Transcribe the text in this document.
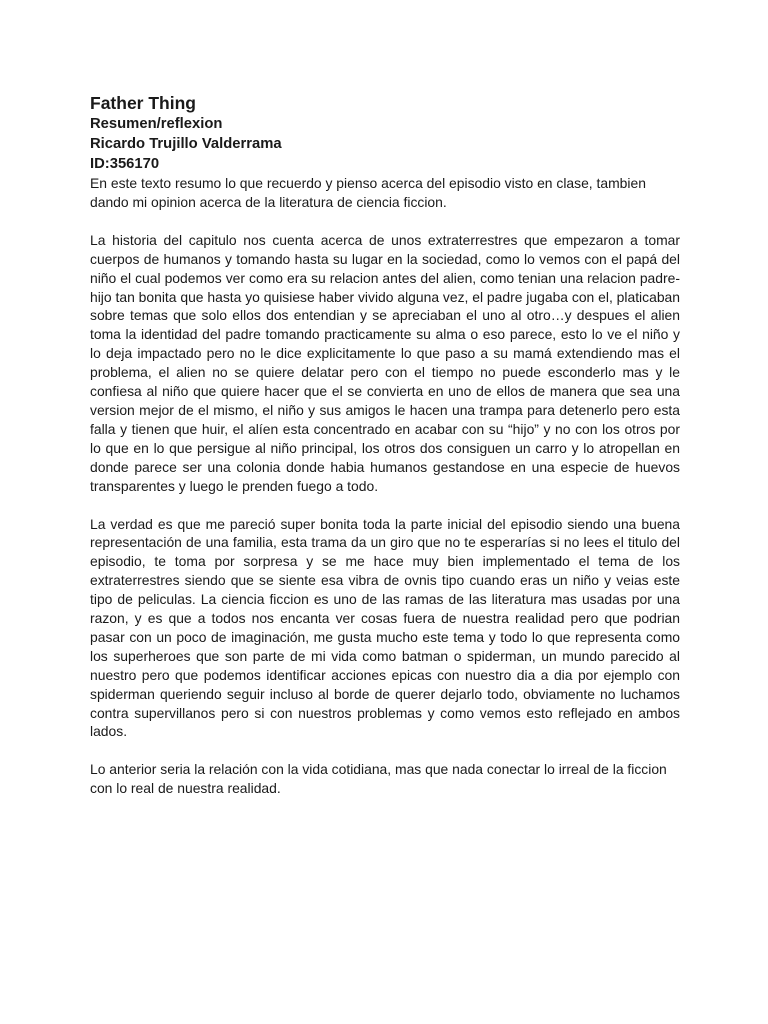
Father Thing
Resumen/reflexion
Ricardo Trujillo Valderrama
ID:356170

En este texto resumo lo que recuerdo y pienso acerca del episodio visto en clase, tambien dando mi opinion acerca de la literatura de ciencia ficcion.

La historia del capitulo nos cuenta acerca de unos extraterrestres que empezaron a tomar cuerpos de humanos y tomando hasta su lugar en la sociedad, como lo vemos con el papá del niño el cual podemos ver como era su relacion antes del alien, como tenian una relacion padre-hijo tan bonita que hasta yo quisiese haber vivido alguna vez, el padre jugaba con el, platicaban sobre temas que solo ellos dos entendian y se apreciaban el uno al otro…y despues el alien toma la identidad del padre tomando practicamente su alma o eso parece, esto lo ve el niño y lo deja impactado pero no le dice explicitamente lo que paso a su mamá extendiendo mas el problema, el alien no se quiere delatar pero con el tiempo no puede esconderlo mas y le confiesa al niño que quiere hacer que el se convierta en uno de ellos de manera que sea una version mejor de el mismo, el niño y sus amigos le hacen una trampa para detenerlo pero esta falla y tienen que huir, el alíen esta concentrado en acabar con su “hijo” y no con los otros por lo que en lo que persigue al niño principal, los otros dos consiguen un carro y lo atropellan en donde parece ser una colonia donde habia humanos gestandose en una especie de huevos transparentes y luego le prenden fuego a todo.

La verdad es que me pareció super bonita toda la parte inicial del episodio siendo una buena representación de una familia, esta trama da un giro que no te esperarías si no lees el titulo del episodio, te toma por sorpresa y se me hace muy bien implementado el tema de los extraterrestres siendo que se siente esa vibra de ovnis tipo cuando eras un niño y veias este tipo de peliculas. La ciencia ficcion es uno de las ramas de las literatura mas usadas por una razon, y es que a todos nos encanta ver cosas fuera de nuestra realidad pero que podrian pasar con un poco de imaginación, me gusta mucho este tema y todo lo que representa como los superheroes que son parte de mi vida como batman o spiderman, un mundo parecido al nuestro pero que podemos identificar acciones epicas con nuestro dia a dia por ejemplo con spiderman queriendo seguir incluso al borde de querer dejarlo todo, obviamente no luchamos contra supervillanos pero si con nuestros problemas y como vemos esto reflejado en ambos lados.

Lo anterior seria la relación con la vida cotidiana, mas que nada conectar lo irreal de la ficcion con lo real de nuestra realidad.
